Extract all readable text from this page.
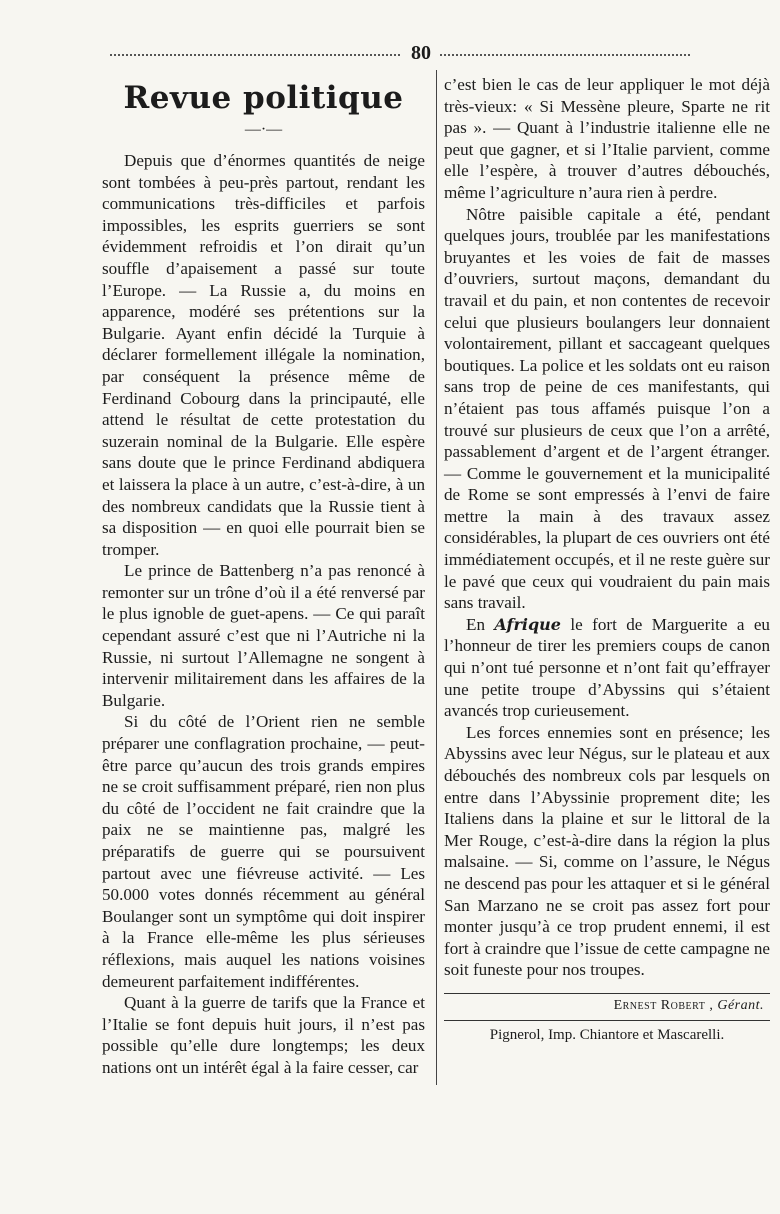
80
Revue politique
—·—

Depuis que d’énormes quantités de neige sont tombées à peu-près partout, rendant les communications très-difficiles et parfois impossibles, les esprits guerriers se sont évidemment refroidis et l’on dirait qu’un souffle d’apaisement a passé sur toute l’Europe. — La Russie a, du moins en apparence, modéré ses prétentions sur la Bulgarie. Ayant enfin décidé la Turquie à déclarer formellement illégale la nomination, par conséquent la présence même de Ferdinand Cobourg dans la principauté, elle attend le résultat de cette protestation du suzerain nominal de la Bulgarie. Elle espère sans doute que le prince Ferdinand abdiquera et laissera la place à un autre, c’est-à-dire, à un des nombreux candidats que la Russie tient à sa disposition — en quoi elle pourrait bien se tromper.

Le prince de Battenberg n’a pas renoncé à remonter sur un trône d’où il a été renversé par le plus ignoble de guet-apens. — Ce qui paraît cependant assuré c’est que ni l’Autriche ni la Russie, ni surtout l’Allemagne ne songent à intervenir militairement dans les affaires de la Bulgarie.

Si du côté de l’Orient rien ne semble préparer une conflagration prochaine, — peut-être parce qu’aucun des trois grands empires ne se croit suffisamment préparé, rien non plus du côté de l’occident ne fait craindre que la paix ne se maintienne pas, malgré les préparatifs de guerre qui se poursuivent partout avec une fiévreuse activité. — Les 50.000 votes donnés récemment au général Boulanger sont un symptôme qui doit inspirer à la France elle-même les plus sérieuses réflexions, mais auquel les nations voisines demeurent parfaitement indifférentes.

Quant à la guerre de tarifs que la France et l’Italie se font depuis huit jours, il n’est pas possible qu’elle dure longtemps; les deux nations ont un intérêt égal à la faire cesser, car

c’est bien le cas de leur appliquer le mot déjà très-vieux: « Si Messène pleure, Sparte ne rit pas ». — Quant à l’industrie italienne elle ne peut que gagner, et si l’Italie parvient, comme elle l’espère, à trouver d’autres débouchés, même l’agriculture n’aura rien à perdre.

Nôtre paisible capitale a été, pendant quelques jours, troublée par les manifestations bruyantes et les voies de fait de masses d’ouvriers, surtout maçons, demandant du travail et du pain, et non contentes de recevoir celui que plusieurs boulangers leur donnaient volontairement, pillant et saccageant quelques boutiques. La police et les soldats ont eu raison sans trop de peine de ces manifestants, qui n’étaient pas tous affamés puisque l’on a trouvé sur plusieurs de ceux que l’on a arrêté, passablement d’argent et de l’argent étranger. — Comme le gouvernement et la municipalité de Rome se sont empressés à l’envi de faire mettre la main à des travaux assez considérables, la plupart de ces ouvriers ont été immédiatement occupés, et il ne reste guère sur le pavé que ceux qui voudraient du pain mais sans travail.

En Afrique le fort de Marguerite a eu l’honneur de tirer les premiers coups de canon qui n’ont tué personne et n’ont fait qu’effrayer une petite troupe d’Abyssins qui s’étaient avancés trop curieusement.

Les forces ennemies sont en présence; les Abyssins avec leur Négus, sur le plateau et aux débouchés des nombreux cols par lesquels on entre dans l’Abyssinie proprement dite; les Italiens dans la plaine et sur le littoral de la Mer Rouge, c’est-à-dire dans la région la plus malsaine. — Si, comme on l’assure, le Négus ne descend pas pour les attaquer et si le général San Marzano ne se croit pas assez fort pour monter jusqu’à ce trop prudent ennemi, il est fort à craindre que l’issue de cette campagne ne soit funeste pour nos troupes.

Ernest Robert , Gérant.
Pignerol, Imp. Chiantore et Mascarelli.
